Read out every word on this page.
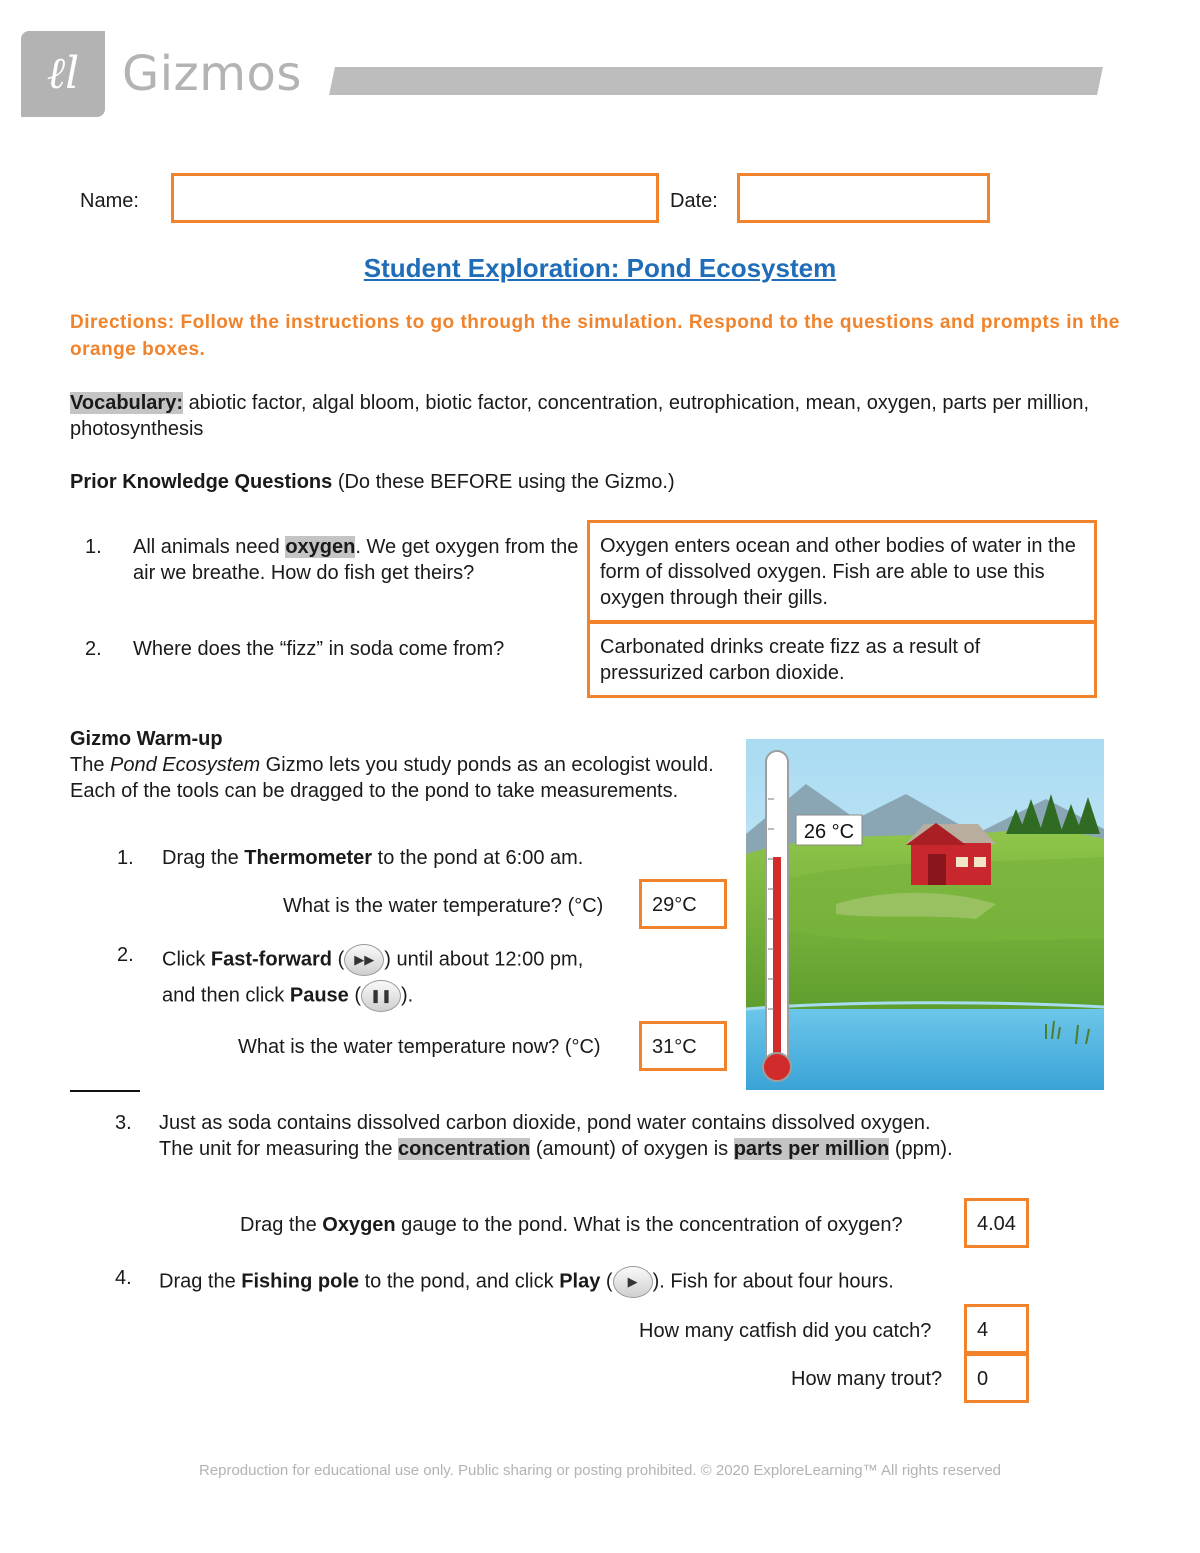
ℓl Gizmos
Name:	Date:
Student Exploration: Pond Ecosystem
Directions: Follow the instructions to go through the simulation. Respond to the questions and prompts in the orange boxes.
Vocabulary: abiotic factor, algal bloom, biotic factor, concentration, eutrophication, mean, oxygen, parts per million, photosynthesis
Prior Knowledge Questions (Do these BEFORE using the Gizmo.)
1. All animals need oxygen. We get oxygen from the air we breathe. How do fish get theirs?
Oxygen enters ocean and other bodies of water in the form of dissolved oxygen. Fish are able to use this oxygen through their gills.
2. Where does the “fizz” in soda come from?	Carbonated drinks create fizz as a result of pressurized carbon dioxide.
Gizmo Warm-up
The Pond Ecosystem Gizmo lets you study ponds as an ecologist would. Each of the tools can be dragged to the pond to take measurements.
26 °C
1. Drag the Thermometer to the pond at 6:00 am.
What is the water temperature? (°C)	29°C
2. Click Fast-forward ( ▶▶ ) until about 12:00 pm,
and then click Pause ( ❚❚ ).
What is the water temperature now? (°C)	31°C
3. Just as soda contains dissolved carbon dioxide, pond water contains dissolved oxygen. The unit for measuring the concentration (amount) of oxygen is parts per million (ppm).
Drag the Oxygen gauge to the pond. What is the concentration of oxygen?	4.04
4. Drag the Fishing pole to the pond, and click Play ( ▶ ). Fish for about four hours.
How many catfish did you catch?	4
How many trout?	0
Reproduction for educational use only. Public sharing or posting prohibited. © 2020 ExploreLearning™ All rights reserved
